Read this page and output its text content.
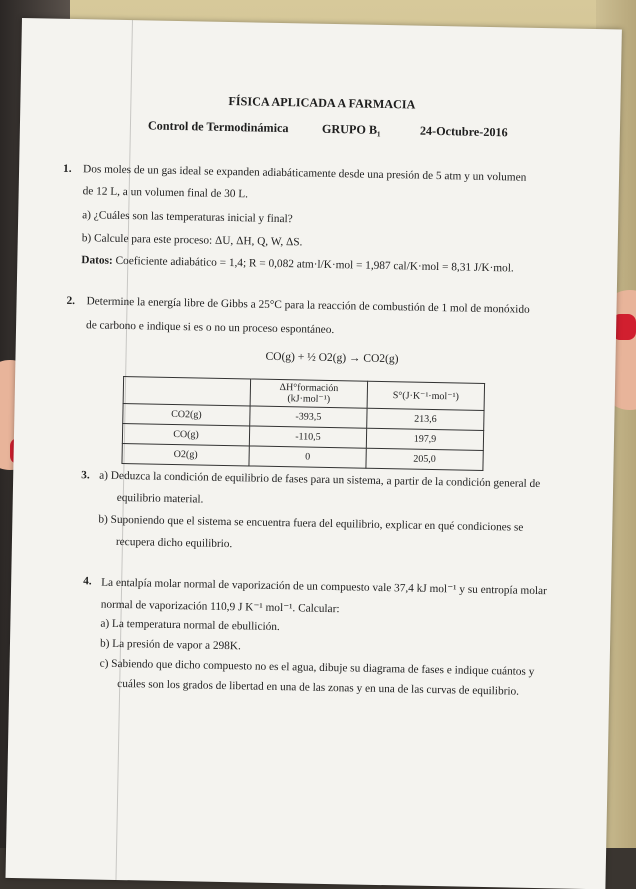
FÍSICA APLICADA A FARMACIA
Control de Termodinámica	GRUPO B₁	24-Octubre-2016
1. Dos moles de un gas ideal se expanden adiabáticamente desde una presión de 5 atm y un volumen
de 12 L, a un volumen final de 30 L.
a) ¿Cuáles son las temperaturas inicial y final?
b) Calcule para este proceso: ΔU, ΔH, Q, W, ΔS.
Datos: Coeficiente adiabático = 1,4; R = 0,082 atm·l/K·mol = 1,987 cal/K·mol = 8,31 J/K·mol.
2. Determine la energía libre de Gibbs a 25°C para la reacción de combustión de 1 mol de monóxido
de carbono e indique si es o no un proceso espontáneo.
CO(g) + ½ O2(g) → CO2(g)
	ΔH°formación (kJ·mol⁻¹)	S°(J·K⁻¹·mol⁻¹)
CO2(g)	-393,5	213,6
CO(g)	-110,5	197,9
O2(g)	0	205,0
3. a) Deduzca la condición de equilibrio de fases para un sistema, a partir de la condición general de
equilibrio material.
b) Suponiendo que el sistema se encuentra fuera del equilibrio, explicar en qué condiciones se
recupera dicho equilibrio.
4. La entalpía molar normal de vaporización de un compuesto vale 37,4 kJ mol⁻¹ y su entropía molar
normal de vaporización 110,9 J K⁻¹ mol⁻¹. Calcular:
a) La temperatura normal de ebullición.
b) La presión de vapor a 298K.
c) Sabiendo que dicho compuesto no es el agua, dibuje su diagrama de fases e indique cuántos y
cuáles son los grados de libertad en una de las zonas y en una de las curvas de equilibrio.
